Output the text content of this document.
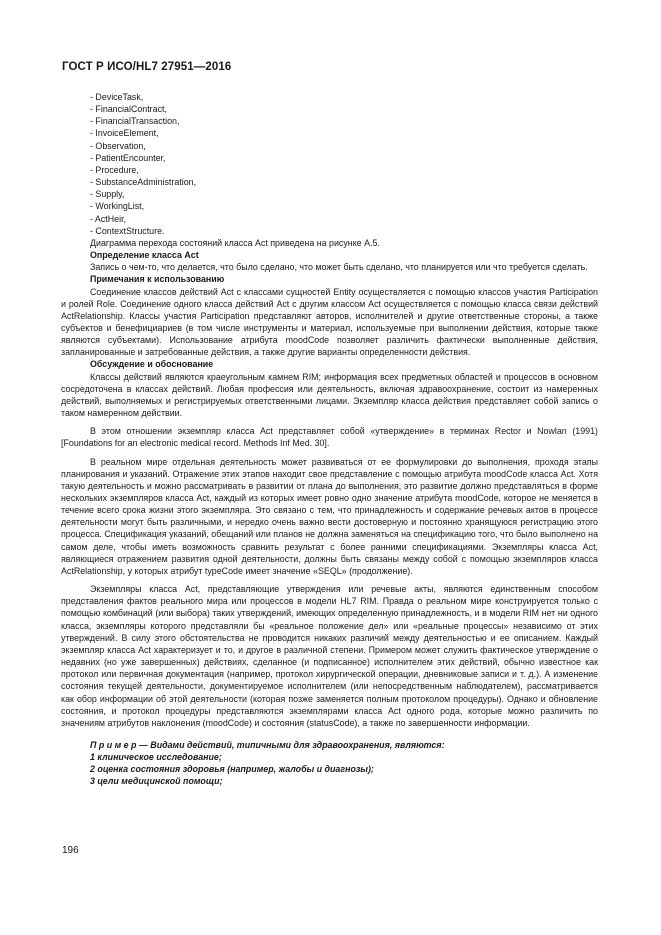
ГОСТ Р ИСО/HL7 27951—2016
- DeviceTask,
- FinancialContract,
- FinancialTransaction,
- InvoiceElement,
- Observation,
- PatientEncounter,
- Procedure,
- SubstanceAdministration,
- Supply,
- WorkingList,
- ActHeir,
- ContextStructure.

Диаграмма перехода состояний класса Act приведена на рисунке А.5.

Определение класса Act

Запись о чем-то, что делается, что было сделано, что может быть сделано, что планируется или что требуется сделать.

Примечания к использованию

Соединение классов действий Act с классами сущностей Entity осуществляется с помощью классов участия Participation и ролей Role. Соединение одного класса действий Act с другим классом Act осуществляется с помощью класса связи действий ActRelationship. Классы участия Participation представляют авторов, исполнителей и другие ответственные стороны, а также субъектов и бенефициариев (в том числе инструменты и материал, используемые при выполнении действия, которые также являются субъектами). Использование атрибута moodCode позволяет различить фактически выполненные действия, запланированные и затребованные действия, а также другие варианты определенности действия.

Обсуждение и обоснование

Классы действий являются краеугольным камнем RIM; информация всех предметных областей и процессов в основном сосредоточена в классах действий. Любая профессия или деятельность, включая здравоохранение, состоит из намеренных действий, выполняемых и регистрируемых ответственными лицами. Экземпляр класса действия представляет собой запись о таком намеренном действии.

В этом отношении экземпляр класса Act представляет собой «утверждение» в терминах Rector и Nowlan (1991) [Foundations for an electronic medical record. Methods Inf Med. 30].

В реальном мире отдельная деятельность может развиваться от ее формулировки до выполнения, проходя этапы планирования и указаний. Отражение этих этапов находит свое представление с помощью атрибута moodCode класса Act. Хотя такую деятельность и можно рассматривать в развитии от плана до выполнения, это развитие должно представляться в форме нескольких экземпляров класса Act, каждый из которых имеет ровно одно значение атрибута moodCode, которое не меняется в течение всего срока жизни этого экземпляра. Это связано с тем, что принадлежность и содержание речевых актов в процессе деятельности могут быть различными, и нередко очень важно вести достоверную и постоянно хранящуюся регистрацию этого процесса. Спецификация указаний, обещаний или планов не должна заменяться на спецификацию того, что было выполнено на самом деле, чтобы иметь возможность сравнить результат с более ранними спецификациями. Экземпляры класса Act, являющиеся отражением развития одной деятельности, должны быть связаны между собой с помощью экземпляров класса ActRelationship, у которых атрибут typeCode имеет значение «SEQL» (продолжение).

Экземпляры класса Act, представляющие утверждения или речевые акты, являются единственным способом представления фактов реального мира или процессов в модели HL7 RIM. Правда о реальном мире конструируется только с помощью комбинаций (или выбора) таких утверждений, имеющих определенную принадлежность, и в модели RIM нет ни одного класса, экземпляры которого представляли бы «реальное положение дел» или «реальные процессы» независимо от этих утверждений. В силу этого обстоятельства не проводится никаких различий между деятельностью и ее описанием. Каждый экземпляр класса Act характеризует и то, и другое в различной степени. Примером может служить фактическое утверждение о недавних (но уже завершенных) действиях, сделанное (и подписанное) исполнителем этих действий, обычно известное как протокол или первичная документация (например, протокол хирургической операции, дневниковые записи и т. д.). А изменение состояния текущей деятельности, документируемое исполнителем (или непосредственным наблюдателем), рассматривается как обор информации об этой деятельности (которая позже заменяется полным протоколом процедуры). Однако и обновление состояния, и протокол процедуры представляются экземплярами класса Act одного рода, которые можно различить по значениям атрибутов наклонения (moodCode) и состояния (statusCode), а также по завершенности информации.

П р и м е р — Видами действий, типичными для здравоохранения, являются:

1 клиническое исследование;

2 оценка состояния здоровья (например, жалобы и диагнозы);

3 цели медицинской помощи;

196
